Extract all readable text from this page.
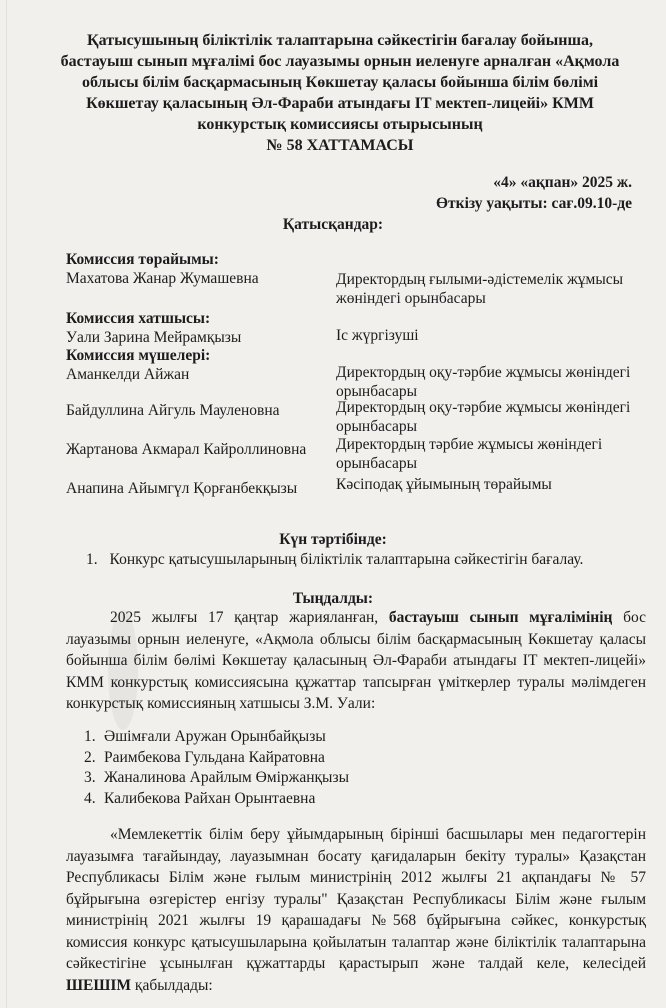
Қатысушының біліктілік талаптарына сәйкестігін бағалау бойынша,
бастауыш сынып мұғалімі бос лауазымы орнын иеленуге арналған «Ақмола
облысы білім басқармасының Көкшетау қаласы бойынша білім бөлімі
Көкшетау қаласының Әл-Фараби атындағы IT мектеп-лицейі» КММ
конкурстық комиссиясы отырысының
№ 58 ХАТТАМАСЫ
«4» «ақпан» 2025 ж.
Өткізу уақыты: сағ.09.10-де
Қатысқандар:
Комиссия төрайымы:
Махатова Жанар Жумашевна	Директордың ғылыми-әдістемелік жұмысы жөніндегі орынбасары
Комиссия хатшысы:
Уали Зарина Мейрамқызы	Іс жүргізуші
Комиссия мүшелері:
Аманкелди Айжан	Директордың оқу-тәрбие жұмысы жөніндегі орынбасары
Байдуллина Айгуль Мауленовна	Директордың оқу-тәрбие жұмысы жөніндегі орынбасары
Жартанова Акмарал Кайроллиновна Директордың тәрбие жұмысы жөніндегі орынбасары
Анапина Айымгүл Қорғанбекқызы	Кәсіподақ ұйымының төрайымы
Күн тәртібінде:
1. Конкурс қатысушыларының біліктілік талаптарына сәйкестігін бағалау.
Тыңдалды:
2025 жылғы 17 қаңтар жарияланған, бастауыш сынып мұғалімінің бос лауазымы орнын иеленуге, «Ақмола облысы білім басқармасының Көкшетау қаласы бойынша білім бөлімі Көкшетау қаласының Әл-Фараби атындағы IT мектеп-лицейі» КММ конкурстық комиссиясына құжаттар тапсырған үміткерлер туралы мәлімдеген конкурстық комиссияның хатшысы З.М. Уали:
1. Әшімғали Аружан Орынбайқызы
2. Раимбекова Гульдана Кайратовна
3. Жаналинова Арайлым Өміржанқызы
4. Калибекова Райхан Орынтаевна
«Мемлекеттік білім беру ұйымдарының бірінші басшылары мен педагогтерін лауазымға тағайындау, лауазымнан босату қағидаларын бекіту туралы» Қазақстан Республикасы Білім және ғылым министрінің 2012 жылғы 21 ақпандағы № 57 бұйрығына өзгерістер енгізу туралы" Қазақстан Республикасы Білім және ғылым министрінің 2021 жылғы 19 қарашадағы №568 бұйрығына сәйкес, конкурстық комиссия конкурс қатысушыларына қойылатын талаптар және біліктілік талаптарына сәйкестігіне ұсынылған құжаттарды қарастырып және талдай келе, келесідей ШЕШІМ қабылдады:
